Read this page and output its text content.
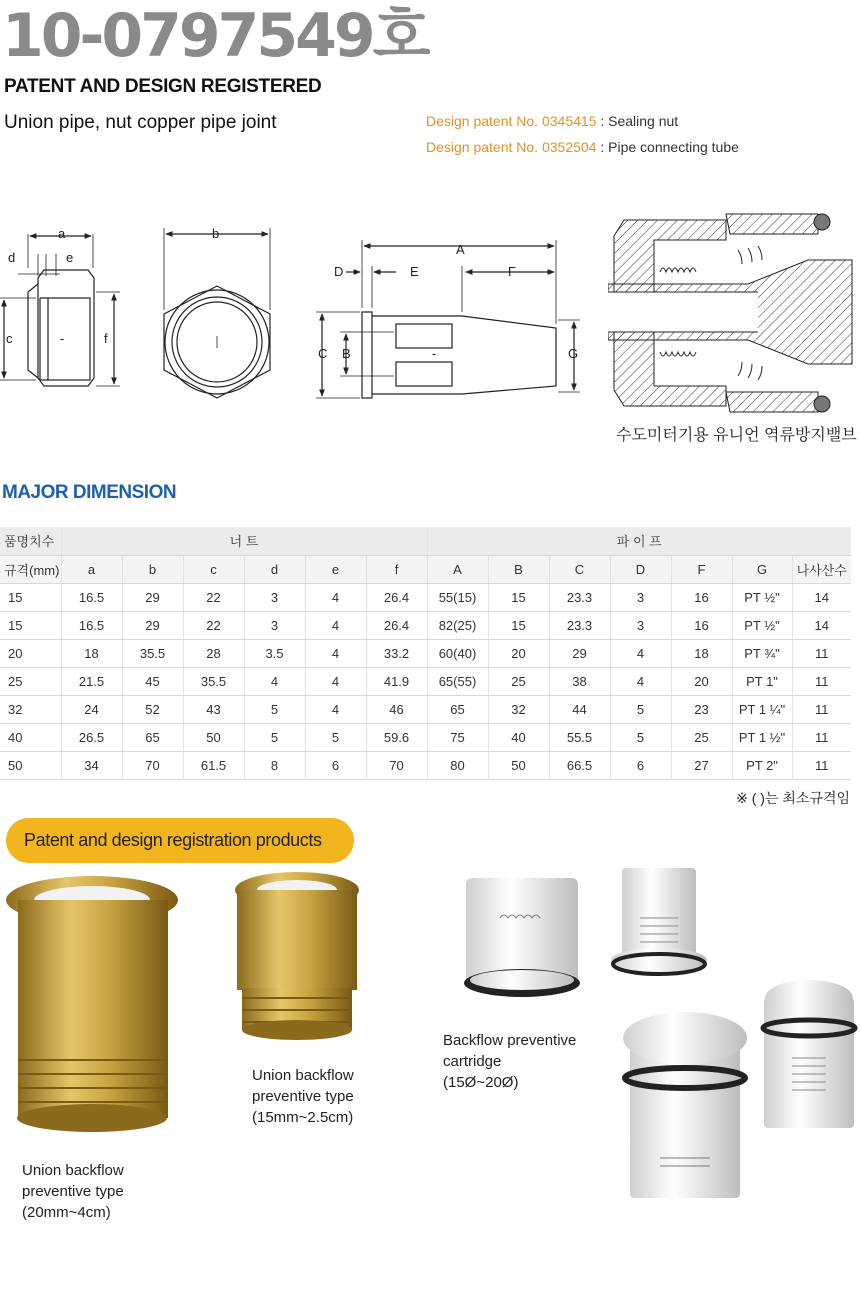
10-0797549호
PATENT AND DESIGN REGISTERED
Union pipe, nut copper pipe joint	Design patent No. 0345415 : Sealing nut
Design patent No. 0352504 : Pipe connecting tube
a
d	e
c	f
-
b
A
D	E	F
C B	G
-
수도미터기용 유니언 역류방지밸브
MAJOR DIMENSION
품명치수	너 트						파 이 프						
규격(mm)	a	b	c	d	e	f	A	B	C	D	F	G	나사산수
15	16.5	29	22	3	4	26.4	55(15)	15	23.3	3	16	PT ½"	14
15	16.5	29	22	3	4	26.4	82(25)	15	23.3	3	16	PT ½"	14
20	18	35.5	28	3.5	4	33.2	60(40)	20	29	4	18	PT ¾"	11
25	21.5	45	35.5	4	4	41.9	65(55)	25	38	4	20	PT 1"	11
32	24	52	43	5	4	46	65	32	44	5	23	PT 1 ¼"	11
40	26.5	65	50	5	5	59.6	75	40	55.5	5	25	PT 1 ½"	11
50	34	70	61.5	8	6	70	80	50	66.5	6	27	PT 2"	11
※ ( )는 최소규격임
Patent and design registration products
Union backflow preventive type
(20mm~4cm)
Union backflow preventive type
(15mm~2.5cm)
Backflow preventive cartridge
(15Ø~20Ø)
